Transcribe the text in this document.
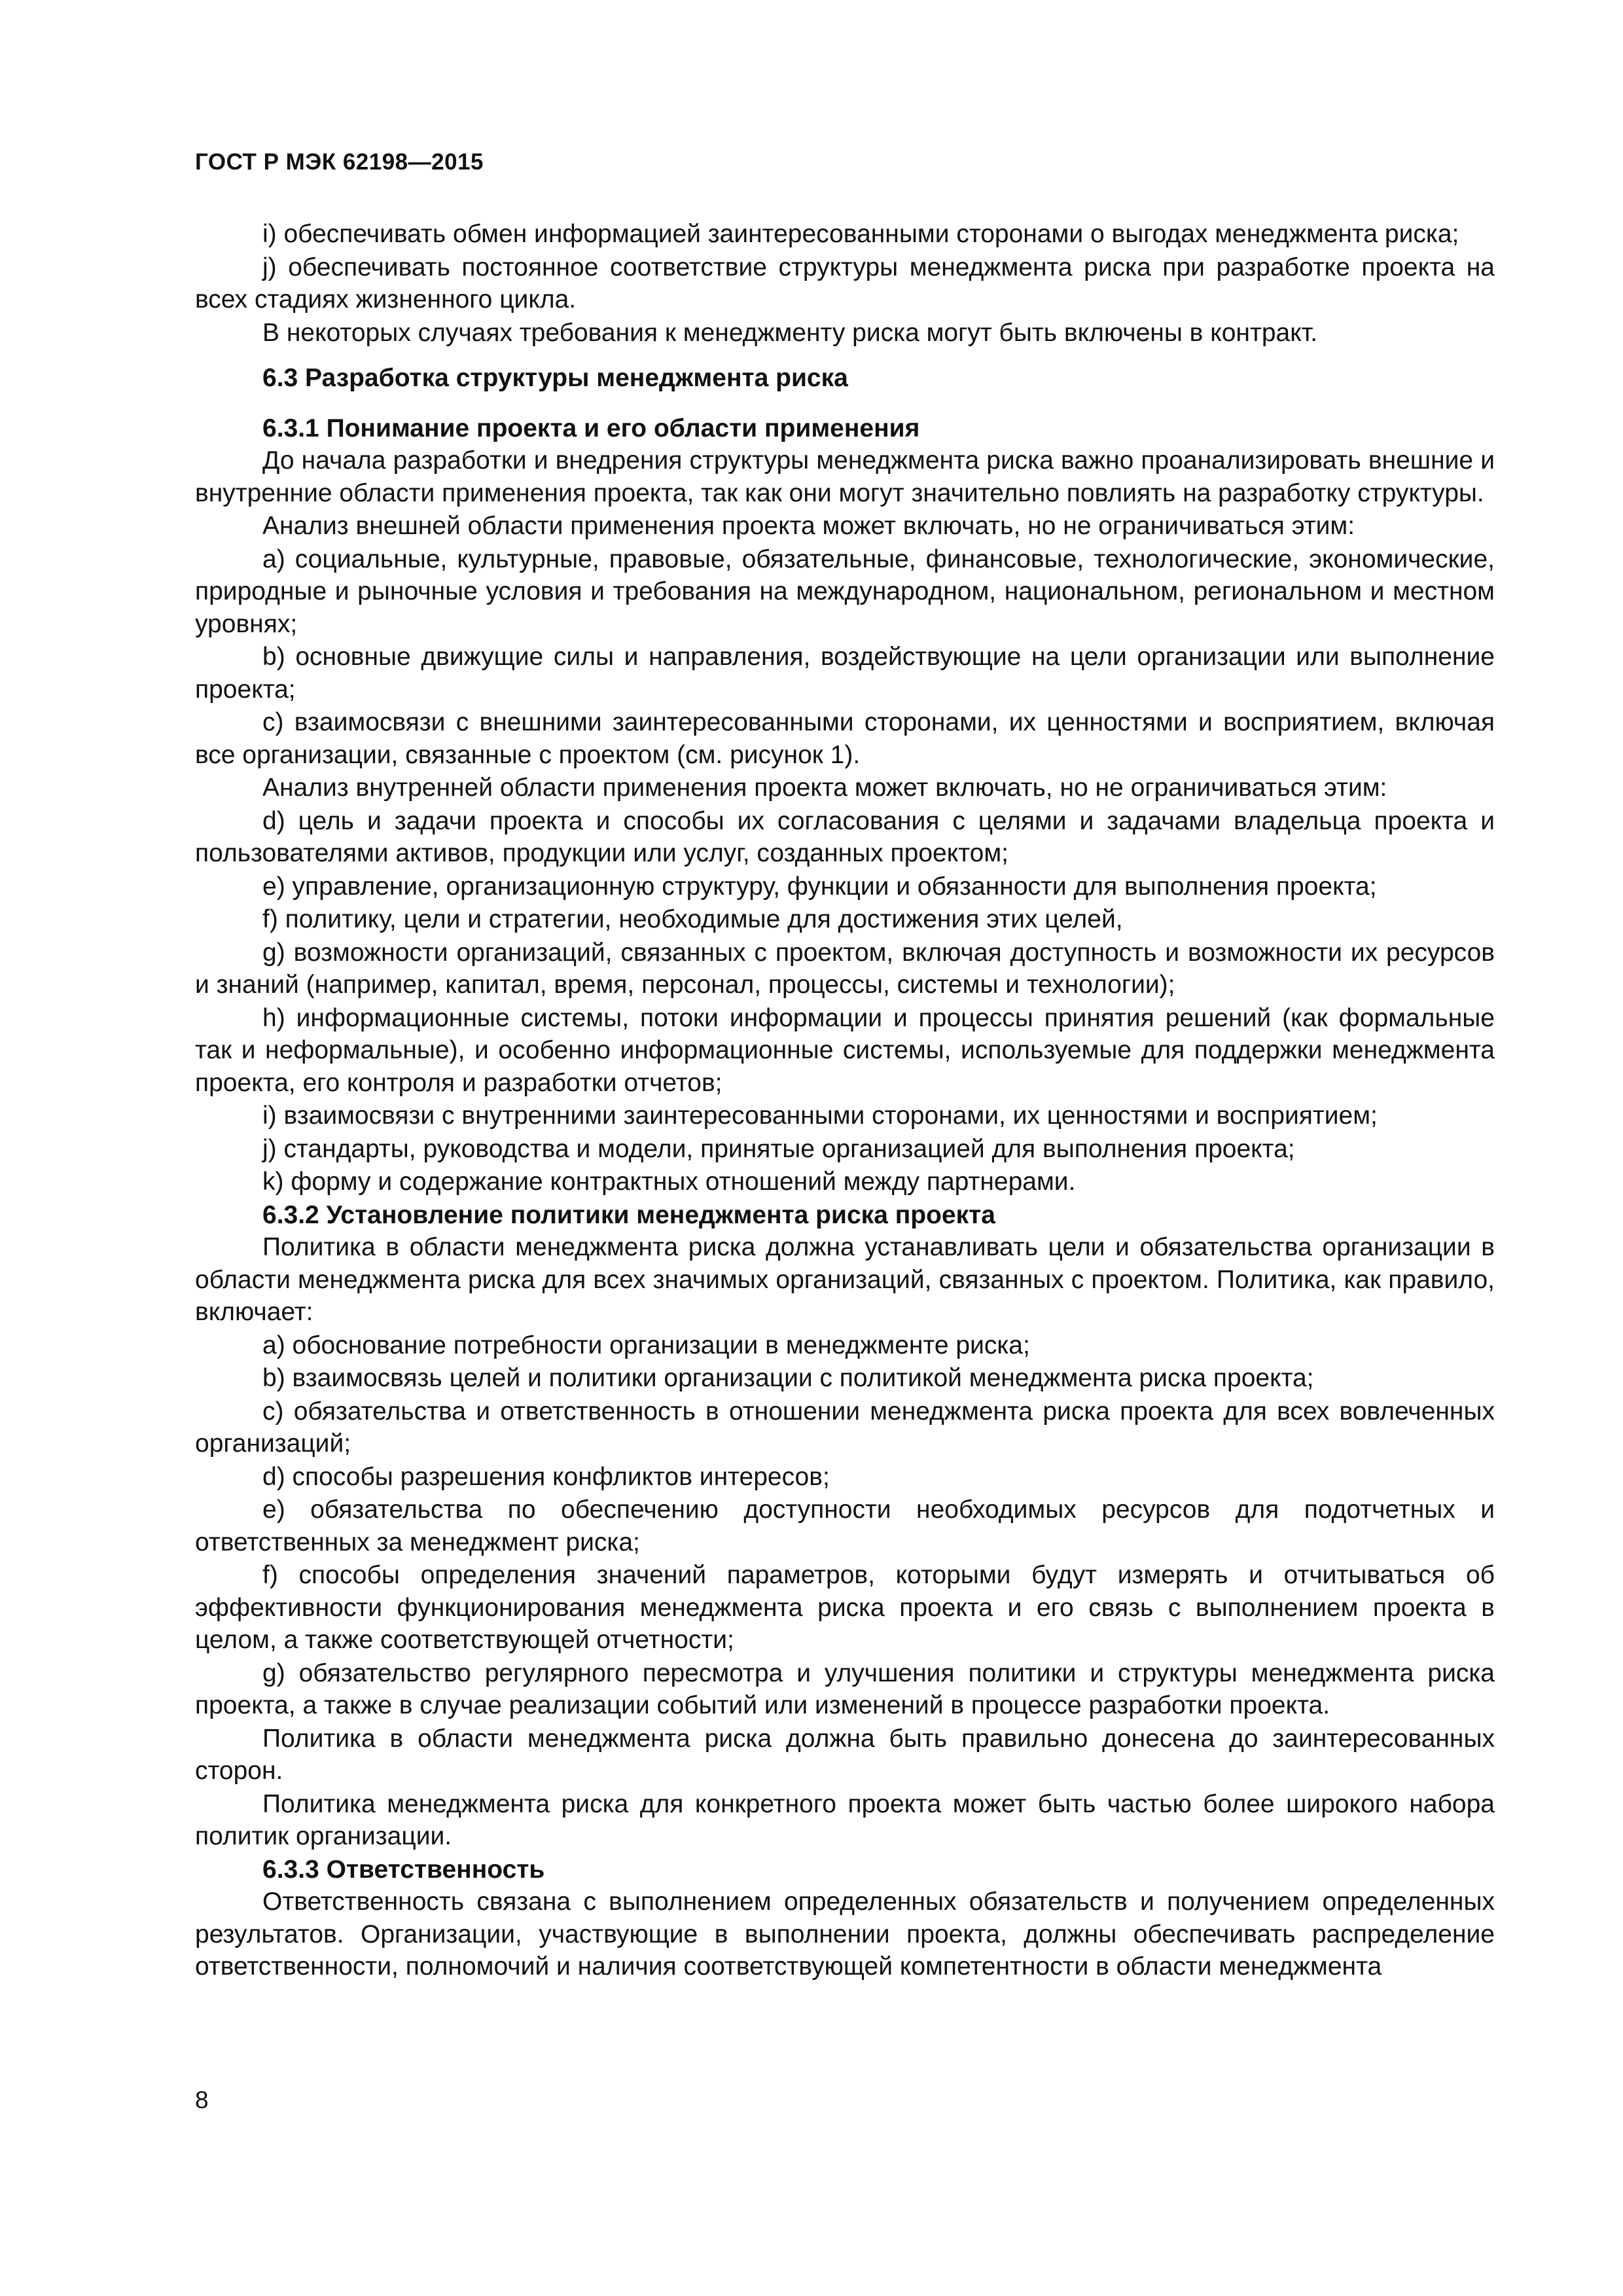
ГОСТ Р МЭК 62198—2015

i) обеспечивать обмен информацией заинтересованными сторонами о выгодах менеджмента риска;

j) обеспечивать постоянное соответствие структуры менеджмента риска при разработке проекта на всех стадиях жизненного цикла.

В некоторых случаях требования к менеджменту риска могут быть включены в контракт.

6.3 Разработка структуры менеджмента риска

6.3.1 Понимание проекта и его области применения

До начала разработки и внедрения структуры менеджмента риска важно проанализировать внешние и внутренние области применения проекта, так как они могут значительно повлиять на разработку структуры.

Анализ внешней области применения проекта может включать, но не ограничиваться этим:

a) социальные, культурные, правовые, обязательные, финансовые, технологические, экономические, природные и рыночные условия и требования на международном, национальном, региональном и местном уровнях;

b) основные движущие силы и направления, воздействующие на цели организации или выполнение проекта;

c) взаимосвязи с внешними заинтересованными сторонами, их ценностями и восприятием, включая все организации, связанные с проектом (см. рисунок 1).

Анализ внутренней области применения проекта может включать, но не ограничиваться этим:

d) цель и задачи проекта и способы их согласования с целями и задачами владельца проекта и пользователями активов, продукции или услуг, созданных проектом;

e) управление, организационную структуру, функции и обязанности для выполнения проекта;

f) политику, цели и стратегии, необходимые для достижения этих целей,

g) возможности организаций, связанных с проектом, включая доступность и возможности их ресурсов и знаний (например, капитал, время, персонал, процессы, системы и технологии);

h) информационные системы, потоки информации и процессы принятия решений (как формальные так и неформальные), и особенно информационные системы, используемые для поддержки менеджмента проекта, его контроля и разработки отчетов;

i) взаимосвязи с внутренними заинтересованными сторонами, их ценностями и восприятием;

j) стандарты, руководства и модели, принятые организацией для выполнения проекта;

k) форму и содержание контрактных отношений между партнерами.

6.3.2 Установление политики менеджмента риска проекта

Политика в области менеджмента риска должна устанавливать цели и обязательства организации в области менеджмента риска для всех значимых организаций, связанных с проектом. Политика, как правило, включает:

a) обоснование потребности организации в менеджменте риска;

b) взаимосвязь целей и политики организации с политикой менеджмента риска проекта;

c) обязательства и ответственность в отношении менеджмента риска проекта для всех вовлеченных организаций;

d) способы разрешения конфликтов интересов;

e) обязательства по обеспечению доступности необходимых ресурсов для подотчетных и ответственных за менеджмент риска;

f) способы определения значений параметров, которыми будут измерять и отчитываться об эффективности функционирования менеджмента риска проекта и его связь с выполнением проекта в целом, а также соответствующей отчетности;

g) обязательство регулярного пересмотра и улучшения политики и структуры менеджмента риска проекта, а также в случае реализации событий или изменений в процессе разработки проекта.

Политика в области менеджмента риска должна быть правильно донесена до заинтересованных сторон.

Политика менеджмента риска для конкретного проекта может быть частью более широкого набора политик организации.

6.3.3 Ответственность

Ответственность связана с выполнением определенных обязательств и получением определенных результатов. Организации, участвующие в выполнении проекта, должны обеспечивать распределение ответственности, полномочий и наличия соответствующей компетентности в области менеджмента

8
